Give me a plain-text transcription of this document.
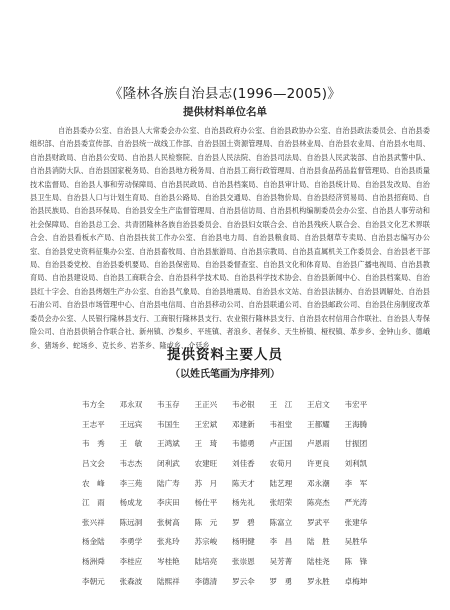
《隆林各族自治县志(1996—2005)》
提供材料单位名单

自治县委办公室、自治县人大常委会办公室、自治县政府办公室、自治县政协办公室、自治县政法委员会、自治县委组织部、自治县委宣传部、自治县统一战线工作部、自治县国土资源管理局、自治县林业局、自治县农业局、自治县水电局、自治县财政局、自治县公安局、自治县人民检察院、自治县人民法院、自治县司法局、自治县人民武装部、自治县武警中队、自治县消防大队、自治县国家税务局、自治县地方税务局、自治县工商行政管理局、自治县食品药品监督管理局、自治县质量技术监督局、自治县人事和劳动保障局、自治县民政局、自治县档案局、自治县审计局、自治县统计局、自治县发改局、自治县卫生局、自治县人口与计划生育局、自治县公路局、自治县交通局、自治县物价局、自治县经济贸易局、自治县招商局、自治县民族局、自治县环保局、自治县安全生产监督管理局、自治县信访局、自治县机构编制委员会办公室、自治县人事劳动和社会保障局、自治县总工会、共青团隆林各族自治县委员会、自治县妇女联合会、自治县残疾人联合会、自治县文化艺术界联合会、自治县看板水产局、自治县扶贫工作办公室、自治县电力局、自治县粮食局、自治县烟草专卖局、自治县志编写办公室、自治县党史资料征集办公室、自治县畜牧局、自治县旅游局、自治县宗教局、自治县直属机关工作委员会、自治县老干部局、自治县委党校、自治县委机要局、自治县保密局、自治县委督查室、自治县文化和体育局、自治县广播电视局、自治县教育局、自治县建设局、自治县工商联合会、自治县科学技术局、自治县科学技术协会、自治县新闻中心、自治县档案局、自治县红十字会、自治县烤烟生产办公室、自治县气象局、自治县地震局、自治县水文站、自治县法制办、自治县调解处、自治县石油公司、自治县市场管理中心、自治县电信局、自治县移动公司、自治县联通公司、自治县邮政公司、自治县住房制度改革委员会办公室、人民银行隆林县支行、工商银行隆林县支行、农业银行隆林县支行、自治县农村信用合作联社、自治县人寿保险公司、自治县供销合作联合社、新州镇、沙梨乡、平班镇、者浪乡、者保乡、天生桥镇、桠杈镇、革步乡、金钟山乡、德峨乡、猪场乡、蛇场乡、克长乡、岩茶乡、隆或乡、介廷乡

提供资料主要人员
（以姓氏笔画为序排列）
韦方全	邓永双	韦玉存	王正兴	韦必银	王　江	王启文	韦宏平
王志平	王远宾	韦国生	王宏斌	邓建新	韦祖堂	王都耀	王海腾
韦　秀	王　敏	王鸿斌	王　琦	韦德勇	卢正国	卢恩雨	甘振团
吕文会	韦志杰	闭利武	农建旺	刘佳香	农荀月	许更良	刘利凯
农　峰	李三苑	陆广寿	苏　月	陈天才	陆艺理	邓永潮	李　军
江　雨	杨成龙	李庆田	杨仕平	杨先礼	张绍荣	陈亮杰	严光涛
张兴祥	陈远洞	张树高	陈　元	罗　碧	陈富立	罗武平	张建华
杨金陆	李勇学	张兆玲	苏宗峻	杨明健	李　昌	陆　胜	吴胜华
杨洲舜	李桂应	岑桂艳	陆培亮	张崇恩	吴芳菁	陆桂尧	陈　锋
李朝元	张森波	陆熙祥	李德清	罗云伞	罗　勇	罗永胜	卓梅坤
